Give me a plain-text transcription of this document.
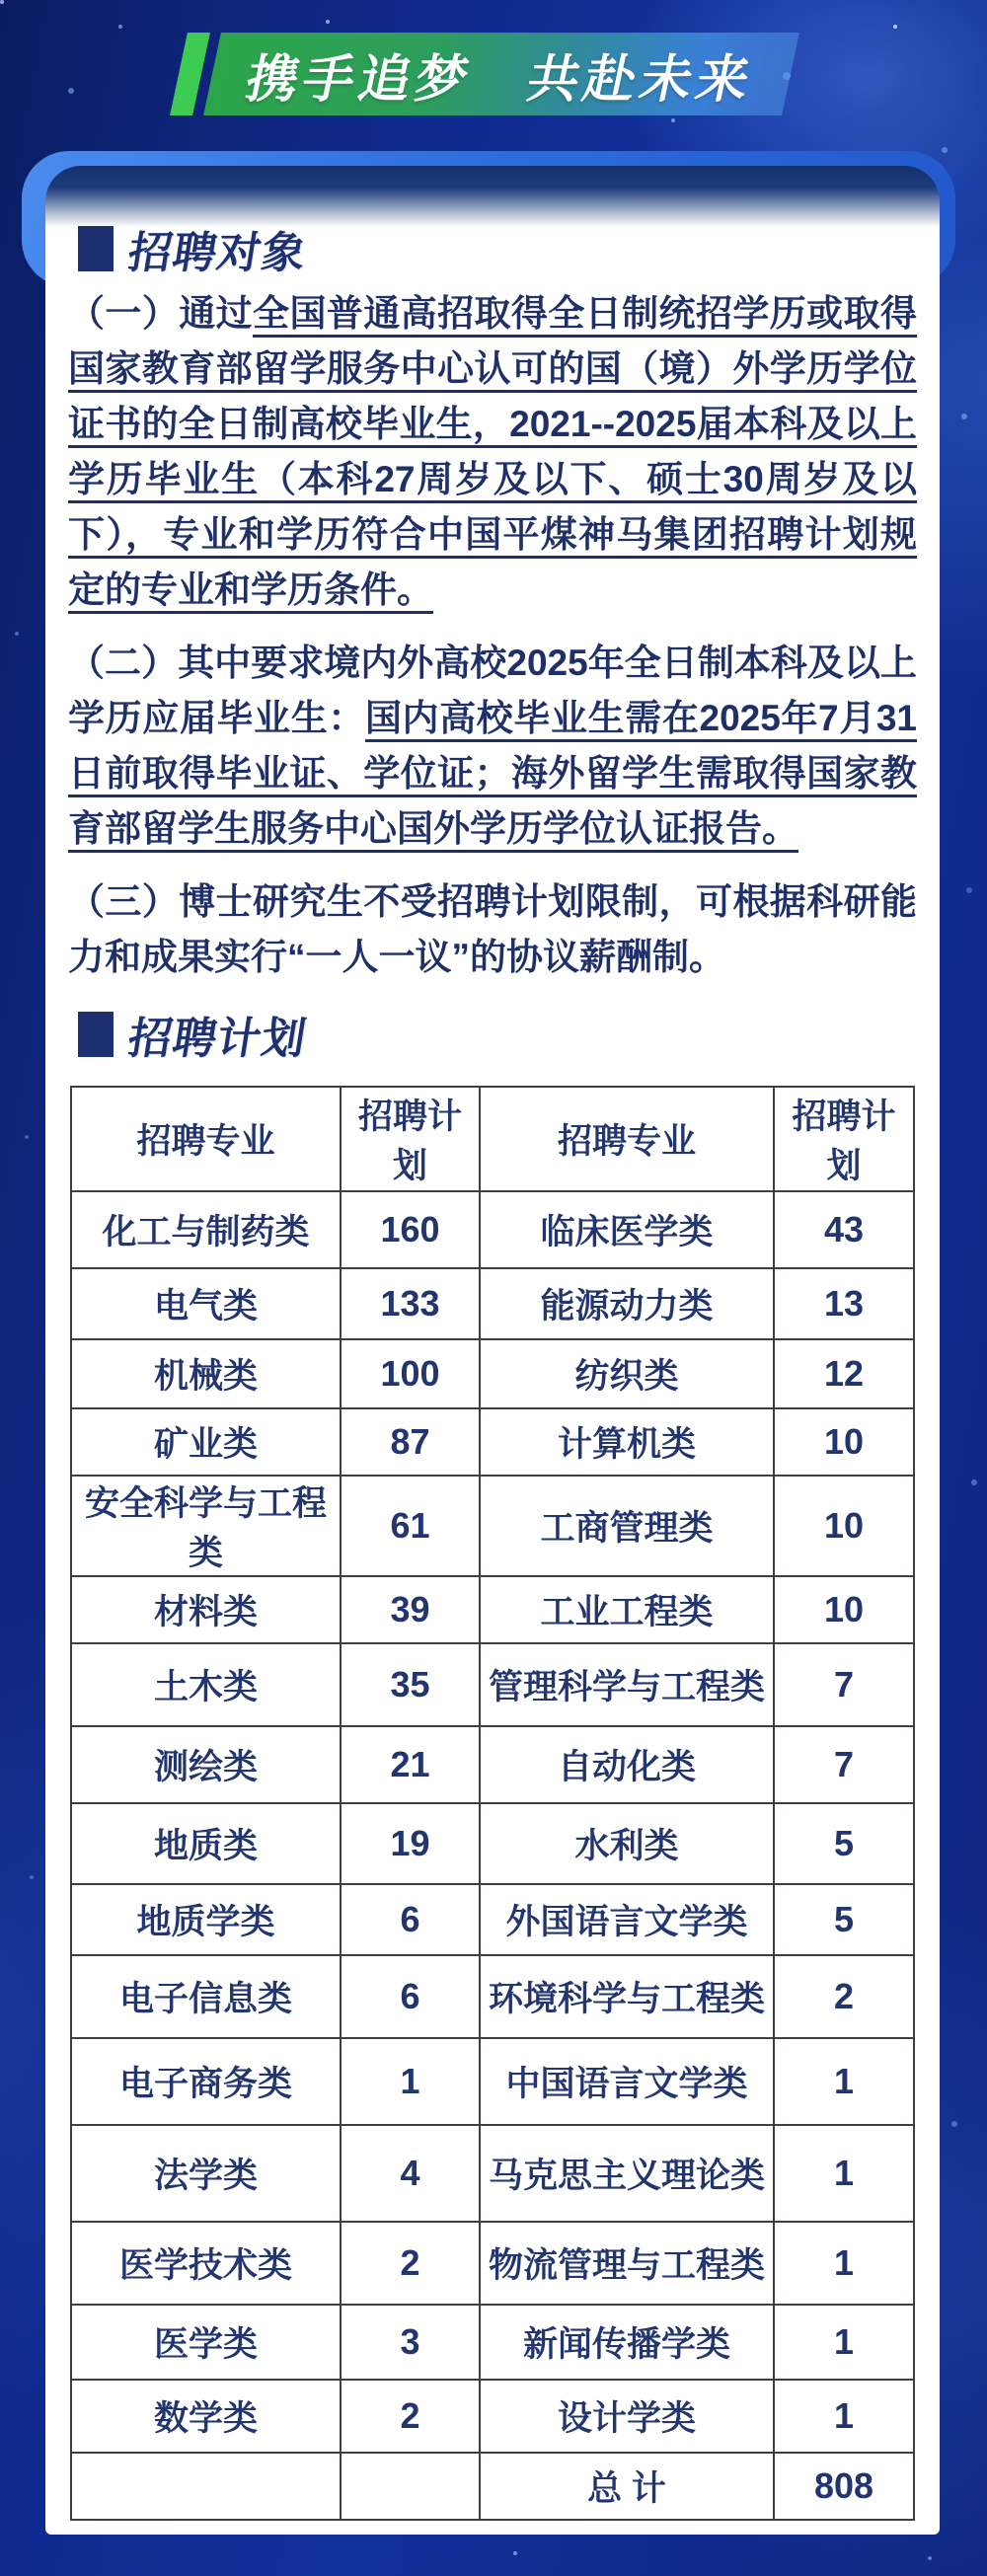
携手追梦　共赴未来
招聘对象

（一）通过全国普通高招取得全日制统招学历或取得国家教育部留学服务中心认可的国（境）外学历学位证书的全日制高校毕业生，2021--2025届本科及以上学历毕业生（本科27周岁及以下、硕士30周岁及以下），专业和学历符合中国平煤神马集团招聘计划规定的专业和学历条件。

（二）其中要求境内外高校2025年全日制本科及以上学历应届毕业生：国内高校毕业生需在2025年7月31日前取得毕业证、学位证；海外留学生需取得国家教育部留学生服务中心国外学历学位认证报告。

（三）博士研究生不受招聘计划限制，可根据科研能力和成果实行“一人一议”的协议薪酬制。

招聘计划
招聘专业	招聘计划	招聘专业	招聘计划
化工与制药类	160	临床医学类	43
电气类	133	能源动力类	13
机械类	100	纺织类	12
矿业类	87	计算机类	10
安全科学与工程类	61	工商管理类	10
材料类	39	工业工程类	10
土木类	35	管理科学与工程类	7
测绘类	21	自动化类	7
地质类	19	水利类	5
地质学类	6	外国语言文学类	5
电子信息类	6	环境科学与工程类	2
电子商务类	1	中国语言文学类	1
法学类	4	马克思主义理论类	1
医学技术类	2	物流管理与工程类	1
医学类	3	新闻传播学类	1
数学类	2	设计学类	1
		总 计	808
